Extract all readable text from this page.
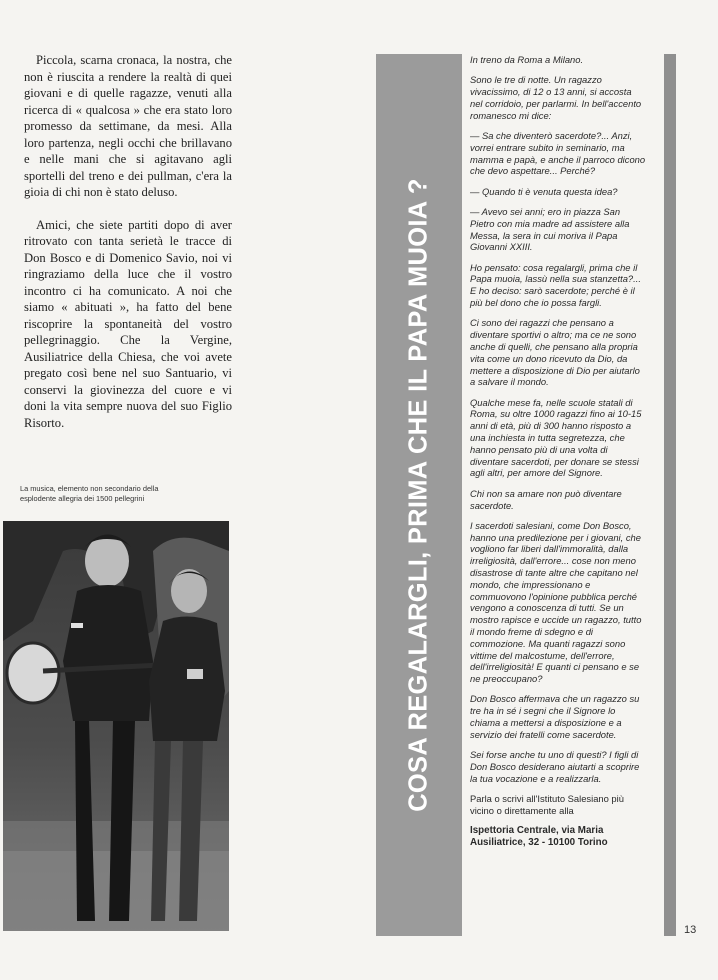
Piccola, scarna cronaca, la nostra, che non è riuscita a rendere la realtà di quei giovani e di quelle ragazze, venuti alla ricerca di « qualcosa » che era stato loro promesso da settimane, da mesi. Alla loro partenza, negli occhi che brillavano e nelle mani che si agitavano agli sportelli del treno e dei pullman, c'era la gioia di chi non è stato deluso.

Amici, che siete partiti dopo di aver ritrovato con tanta serietà le tracce di Don Bosco e di Domenico Savio, noi vi ringraziamo della luce che il vostro incontro ci ha comunicato. A noi che siamo « abituati », ha fatto del bene riscoprire la spontaneità del vostro pellegrinaggio. Che la Vergine, Ausiliatrice della Chiesa, che voi avete pregato così bene nel suo Santuario, vi conservi la giovinezza del cuore e vi doni la vita sempre nuova del suo Figlio Risorto.

La musica, elemento non secondario della esplodente allegria dei 1500 pellegrini	COSA REGALARGLI, PRIMA CHE IL PAPA MUOIA ?

In treno da Roma a Milano.

Sono le tre di notte. Un ragazzo vivacissimo, di 12 o 13 anni, si accosta nel corridoio, per parlarmi. In bell'accento romanesco mi dice:

— Sa che diventerò sacerdote?... Anzi, vorrei entrare subito in seminario, ma mamma e papà, e anche il parroco dicono che devo aspettare... Perché?

— Quando ti è venuta questa idea?

— Avevo sei anni; ero in piazza San Pietro con mia madre ad assistere alla Messa, la sera in cui moriva il Papa Giovanni XXIII.

Ho pensato: cosa regalargli, prima che il Papa muoia, lassù nella sua stanzetta?... E ho deciso: sarò sacerdote; perché è il più bel dono che io possa fargli.

Ci sono dei ragazzi che pensano a diventare sportivi o altro; ma ce ne sono anche di quelli, che pensano alla propria vita come un dono ricevuto da Dio, da mettere a disposizione di Dio per aiutarlo a salvare il mondo.

Qualche mese fa, nelle scuole statali di Roma, su oltre 1000 ragazzi fino ai 10-15 anni di età, più di 300 hanno risposto a una inchiesta in tutta segretezza, che hanno pensato più di una volta di diventare sacerdoti, per donare se stessi agli altri, per amore del Signore.

Chi non sa amare non può diventare sacerdote.

I sacerdoti salesiani, come Don Bosco, hanno una predilezione per i giovani, che vogliono far liberi dall'immoralità, dalla irreligiosità, dall'errore... cose non meno disastrose di tante altre che capitano nel mondo, che impressionano e commuovono l'opinione pubblica perché vengono a conoscenza di tutti. Se un mostro rapisce e uccide un ragazzo, tutto il mondo freme di sdegno e di commozione. Ma quanti ragazzi sono vittime del malcostume, dell'errore, dell'irreligiosità! E quanti ci pensano e se ne preoccupano?

Don Bosco affermava che un ragazzo su tre ha in sé i segni che il Signore lo chiama a mettersi a disposizione e a servizio dei fratelli come sacerdote.

Sei forse anche tu uno di questi? I figli di Don Bosco desiderano aiutarti a scoprire la tua vocazione e a realizzarla.

Parla o scrivi all'Istituto Salesiano più vicino o direttamente alla

Ispettoria Centrale, via Maria Ausiliatrice, 32 - 10100 Torino

13
